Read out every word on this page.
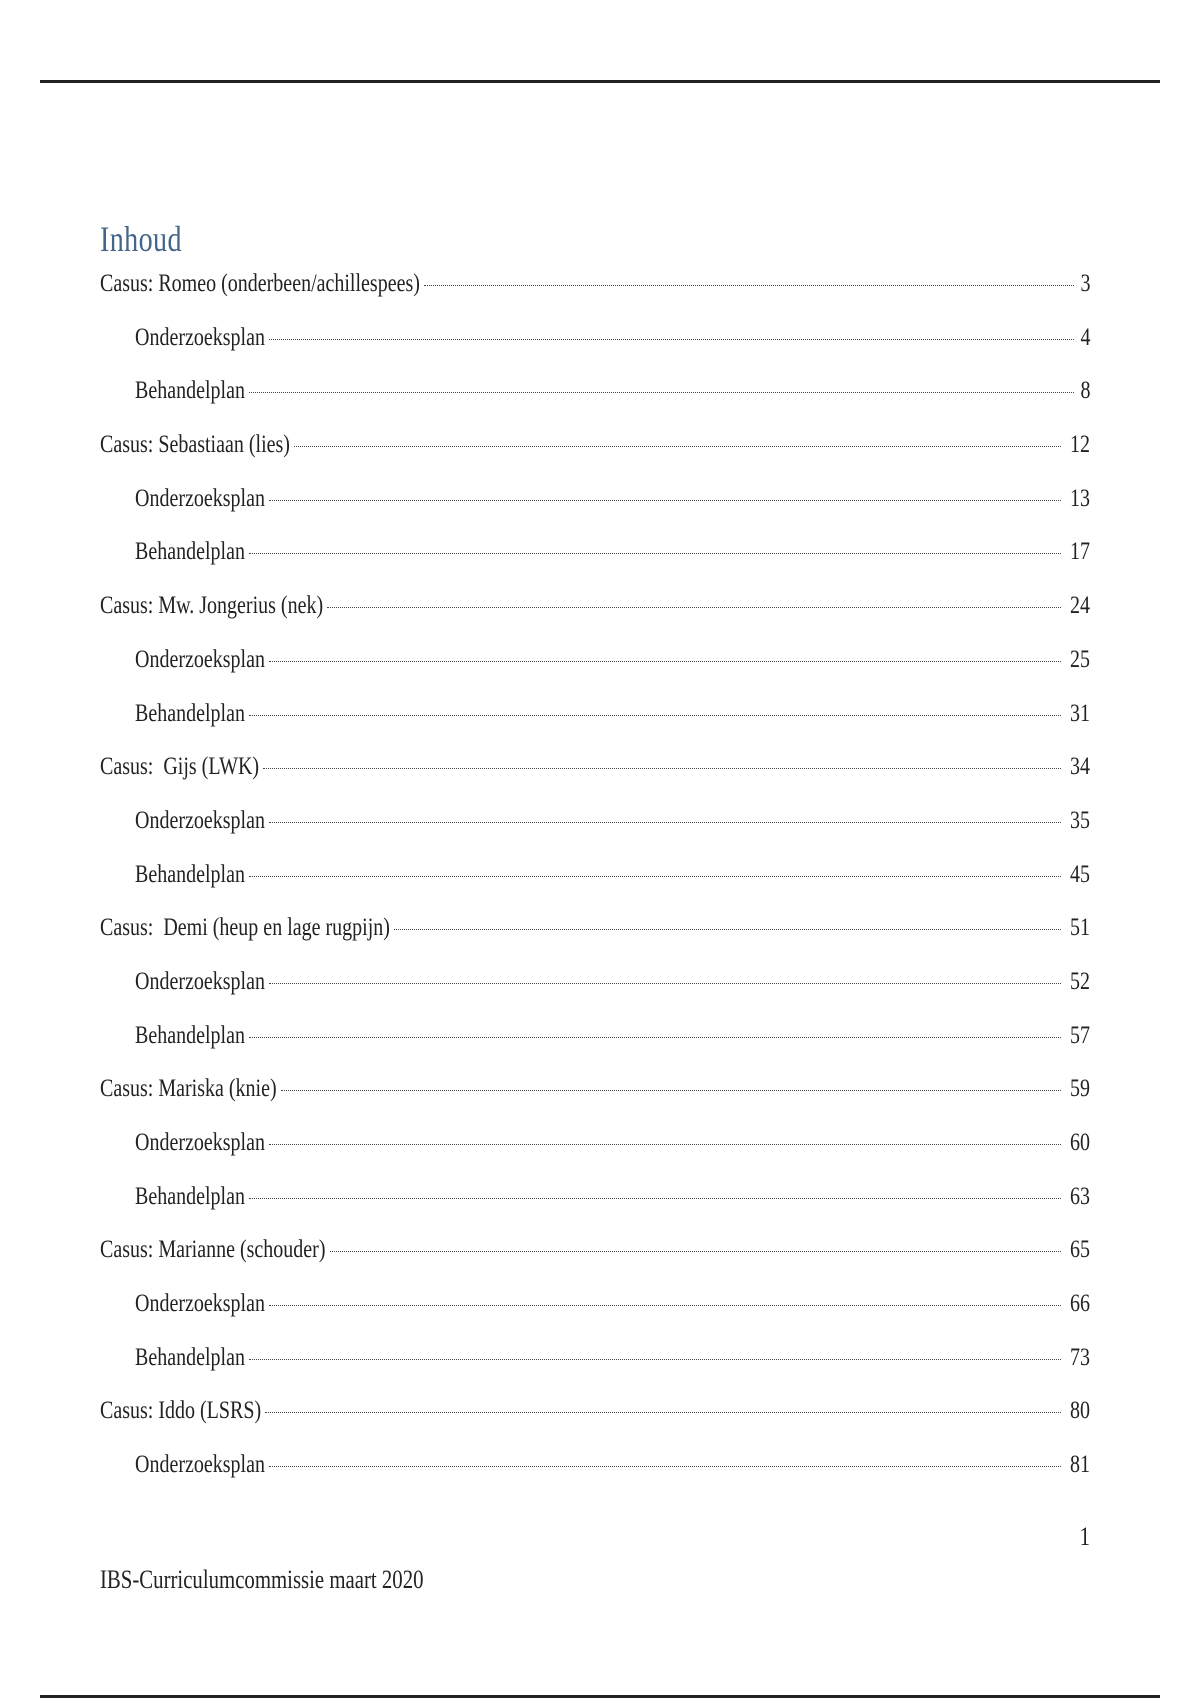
Inhoud
Casus: Romeo (onderbeen/achillespees)	3
Onderzoeksplan	4
Behandelplan	8
Casus: Sebastiaan (lies)	12
Onderzoeksplan	13
Behandelplan	17
Casus: Mw. Jongerius (nek)	24
Onderzoeksplan	25
Behandelplan	31
Casus:  Gijs (LWK)	34
Onderzoeksplan	35
Behandelplan	45
Casus:  Demi (heup en lage rugpijn)	51
Onderzoeksplan	52
Behandelplan	57
Casus: Mariska (knie)	59
Onderzoeksplan	60
Behandelplan	63
Casus: Marianne (schouder)	65
Onderzoeksplan	66
Behandelplan	73
Casus: Iddo (LSRS)	80
Onderzoeksplan	81
1
IBS-Curriculumcommissie maart 2020
